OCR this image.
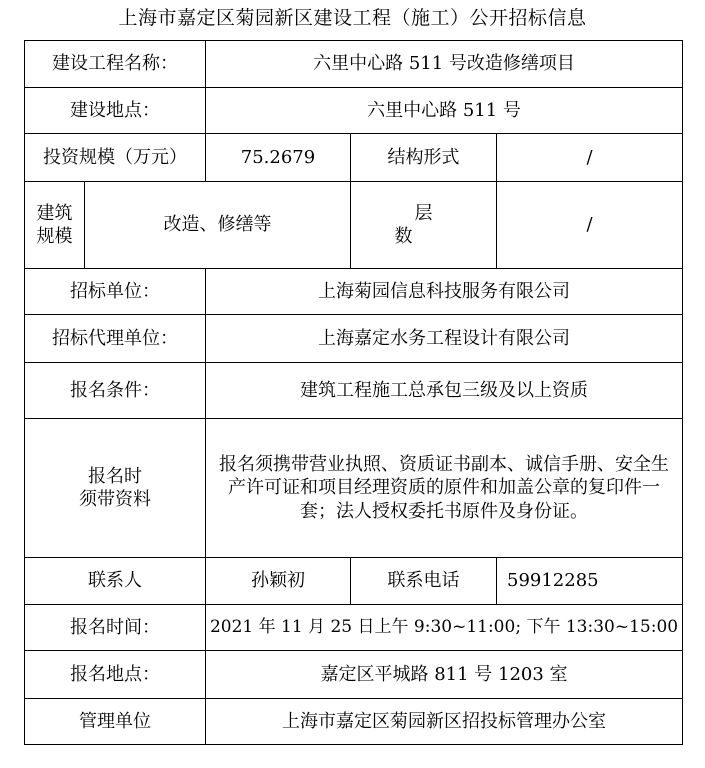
上海市嘉定区菊园新区建设工程（施工）公开招标信息
建设工程名称：		六里中心路 511 号改造修缮项目		
建设地点：		六里中心路 511 号		
投资规模（万元）		75.2679	结构形式	/

建筑
规模	改造、修缮等		层数	/
招标单位：		上海菊园信息科技服务有限公司		
招标代理单位：		上海嘉定水务工程设计有限公司		
报名条件：		建筑工程施工总承包三级及以上资质		

报名时
须带资料		报名须携带营业执照、资质证书副本、诚信手册、安全生产许可证和项目经理资质的原件和加盖公章的复印件一套；法人授权委托书原件及身份证。		
联系人		孙颖初	联系电话	59912285
报名时间：		2021 年 11 月 25 日上午 9:30~11:00; 下午 13:30~15:00		
报名地点：		嘉定区平城路 811 号 1203 室		
管理单位		上海市嘉定区菊园新区招投标管理办公室		
